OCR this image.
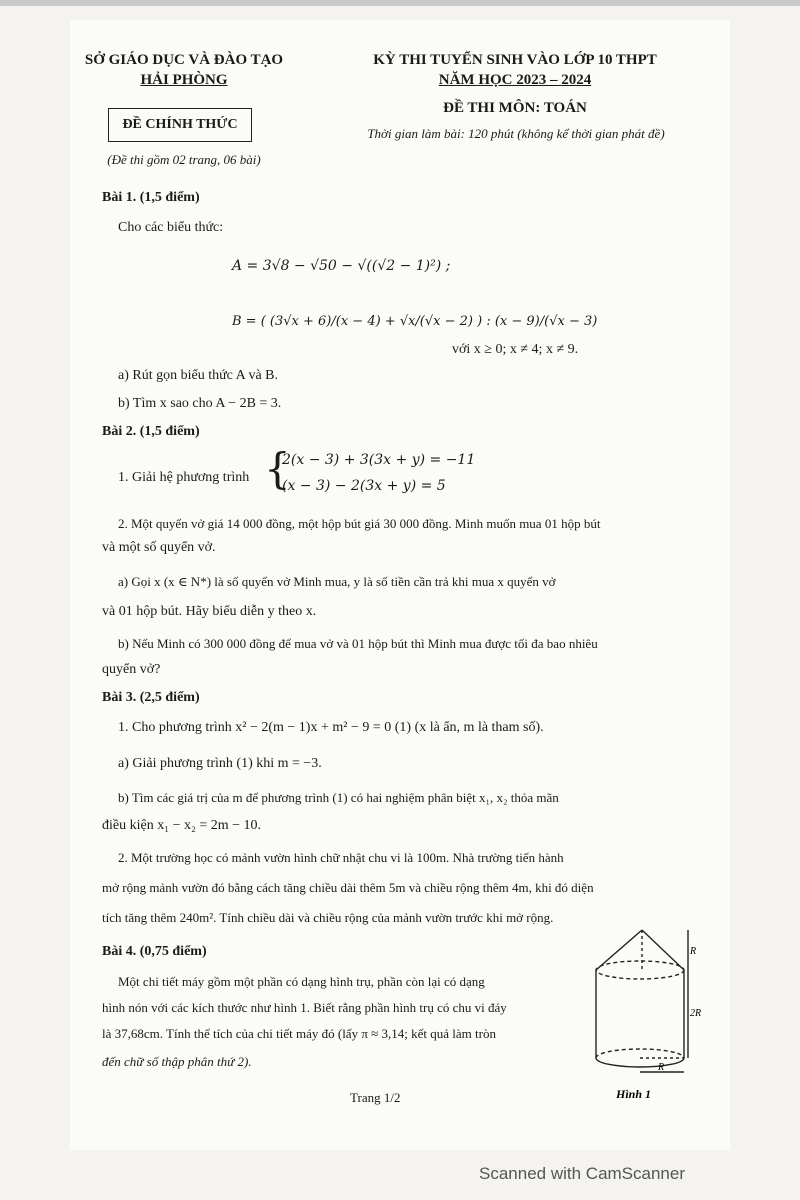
SỞ GIÁO DỤC VÀ ĐÀO TẠO
HẢI PHÒNG
ĐỀ CHÍNH THỨC
(Đề thi gồm 02 trang, 06 bài)
KỲ THI TUYỂN SINH VÀO LỚP 10 THPT
NĂM HỌC 2023 – 2024
ĐỀ THI MÔN: TOÁN
Thời gian làm bài: 120 phút (không kể thời gian phát đề)
Bài 1. (1,5 điểm)
Cho các biểu thức:
A = 3√8 − √50 − √((√2 − 1)²) ;
B = ( (3√x + 6)/(x − 4) + √x/(√x − 2) ) : (x − 9)/(√x − 3)
với x ≥ 0; x ≠ 4; x ≠ 9.
a) Rút gọn biểu thức A và B.
b) Tìm x sao cho A − 2B = 3.
Bài 2. (1,5 điểm)
1. Giải hệ phương trình {
2(x − 3) + 3(3x + y) = −11
(x − 3) − 2(3x + y) = 5
2. Một quyển vở giá 14 000 đồng, một hộp bút giá 30 000 đồng. Minh muốn mua 01 hộp bút
và một số quyển vở.
a) Gọi x (x ∈ N*) là số quyển vở Minh mua, y là số tiền cần trả khi mua x quyển vở
và 01 hộp bút. Hãy biểu diễn y theo x.
b) Nếu Minh có 300 000 đồng để mua vở và 01 hộp bút thì Minh mua được tối đa bao nhiêu
quyển vở?
Bài 3. (2,5 điểm)
1. Cho phương trình x² − 2(m − 1)x + m² − 9 = 0 (1) (x là ẩn, m là tham số).
a) Giải phương trình (1) khi m = −3.
b) Tìm các giá trị của m để phương trình (1) có hai nghiệm phân biệt x₁, x₂ thỏa mãn
điều kiện x₁ − x₂ = 2m − 10.
2. Một trường học có mảnh vườn hình chữ nhật chu vi là 100m. Nhà trường tiến hành
mở rộng mảnh vườn đó bằng cách tăng chiều dài thêm 5m và chiều rộng thêm 4m, khi đó diện
tích tăng thêm 240m². Tính chiều dài và chiều rộng của mảnh vườn trước khi mở rộng.
Bài 4. (0,75 điểm)
Một chi tiết máy gồm một phần có dạng hình trụ, phần còn lại có dạng
hình nón với các kích thước như hình 1. Biết rằng phần hình trụ có chu vi đáy
là 37,68cm. Tính thể tích của chi tiết máy đó (lấy π ≈ 3,14; kết quả làm tròn
đến chữ số thập phân thứ 2).
R
2R
R
Hình 1
Trang 1/2
Scanned with CamScanner
